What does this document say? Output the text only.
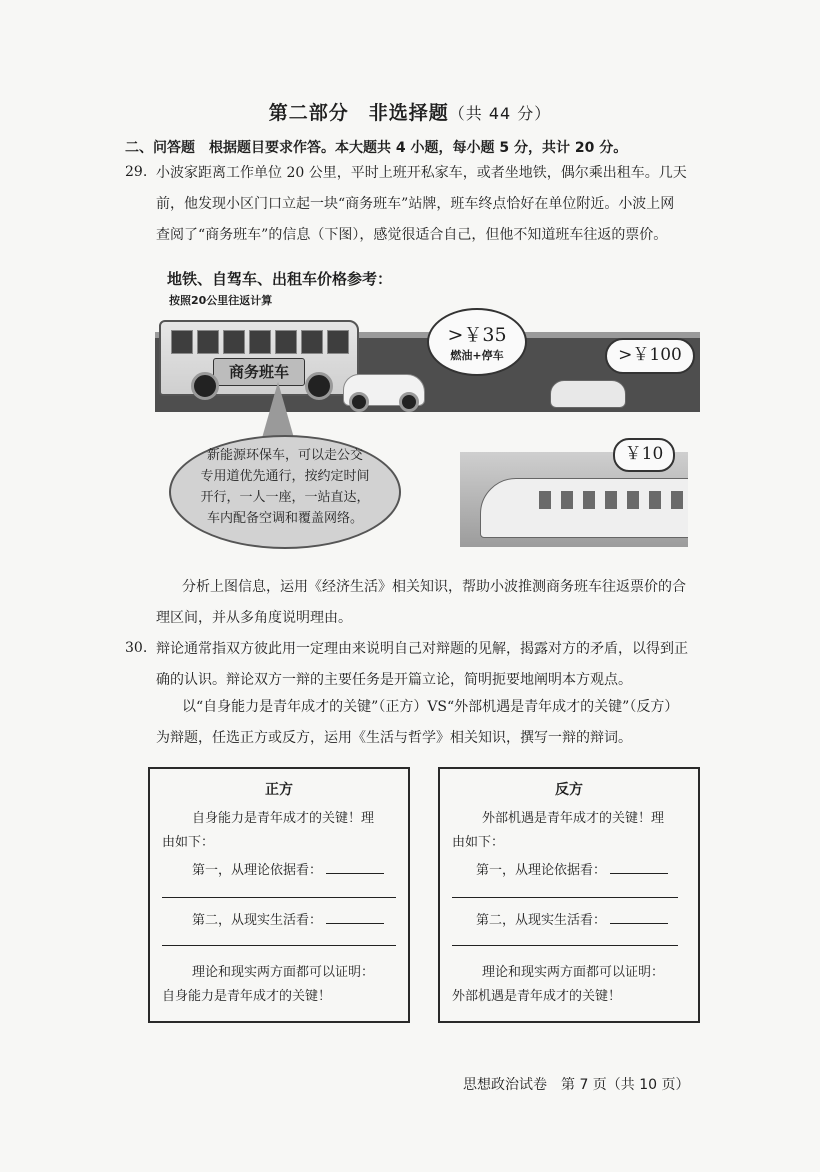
第二部分　非选择题（共 44 分）
二、问答题　根据题目要求作答。本大题共 4 小题，每小题 5 分，共计 20 分。
29. 小波家距离工作单位 20 公里，平时上班开私家车，或者坐地铁，偶尔乘出租车。几天
前，他发现小区门口立起一块“商务班车”站牌，班车终点恰好在单位附近。小波上网
查阅了“商务班车”的信息（下图），感觉很适合自己，但他不知道班车往返的票价。
地铁、自驾车、出租车价格参考：
按照20公里往返计算
商务班车
>￥35
燃油+停车	>￥100
新能源环保车，可以走公交
专用道优先通行，按约定时间
开行，一人一座，一站直达，
车内配备空调和覆盖网络。
￥10
分析上图信息，运用《经济生活》相关知识，帮助小波推测商务班车往返票价的合
理区间，并从多角度说明理由。
30. 辩论通常指双方彼此用一定理由来说明自己对辩题的见解，揭露对方的矛盾，以得到正
确的认识。辩论双方一辩的主要任务是开篇立论，简明扼要地阐明本方观点。
以“自身能力是青年成才的关键”（正方）VS“外部机遇是青年成才的关键”（反方）
为辩题，任选正方或反方，运用《生活与哲学》相关知识，撰写一辩的辩词。
正方
自身能力是青年成才的关键！理
由如下：
第一，从理论依据看：
第二，从现实生活看：
理论和现实两方面都可以证明：
自身能力是青年成才的关键！
反方
外部机遇是青年成才的关键！理
由如下：
第一，从理论依据看：
第二，从现实生活看：
理论和现实两方面都可以证明：
外部机遇是青年成才的关键！
思想政治试卷　第 7 页（共 10 页）
